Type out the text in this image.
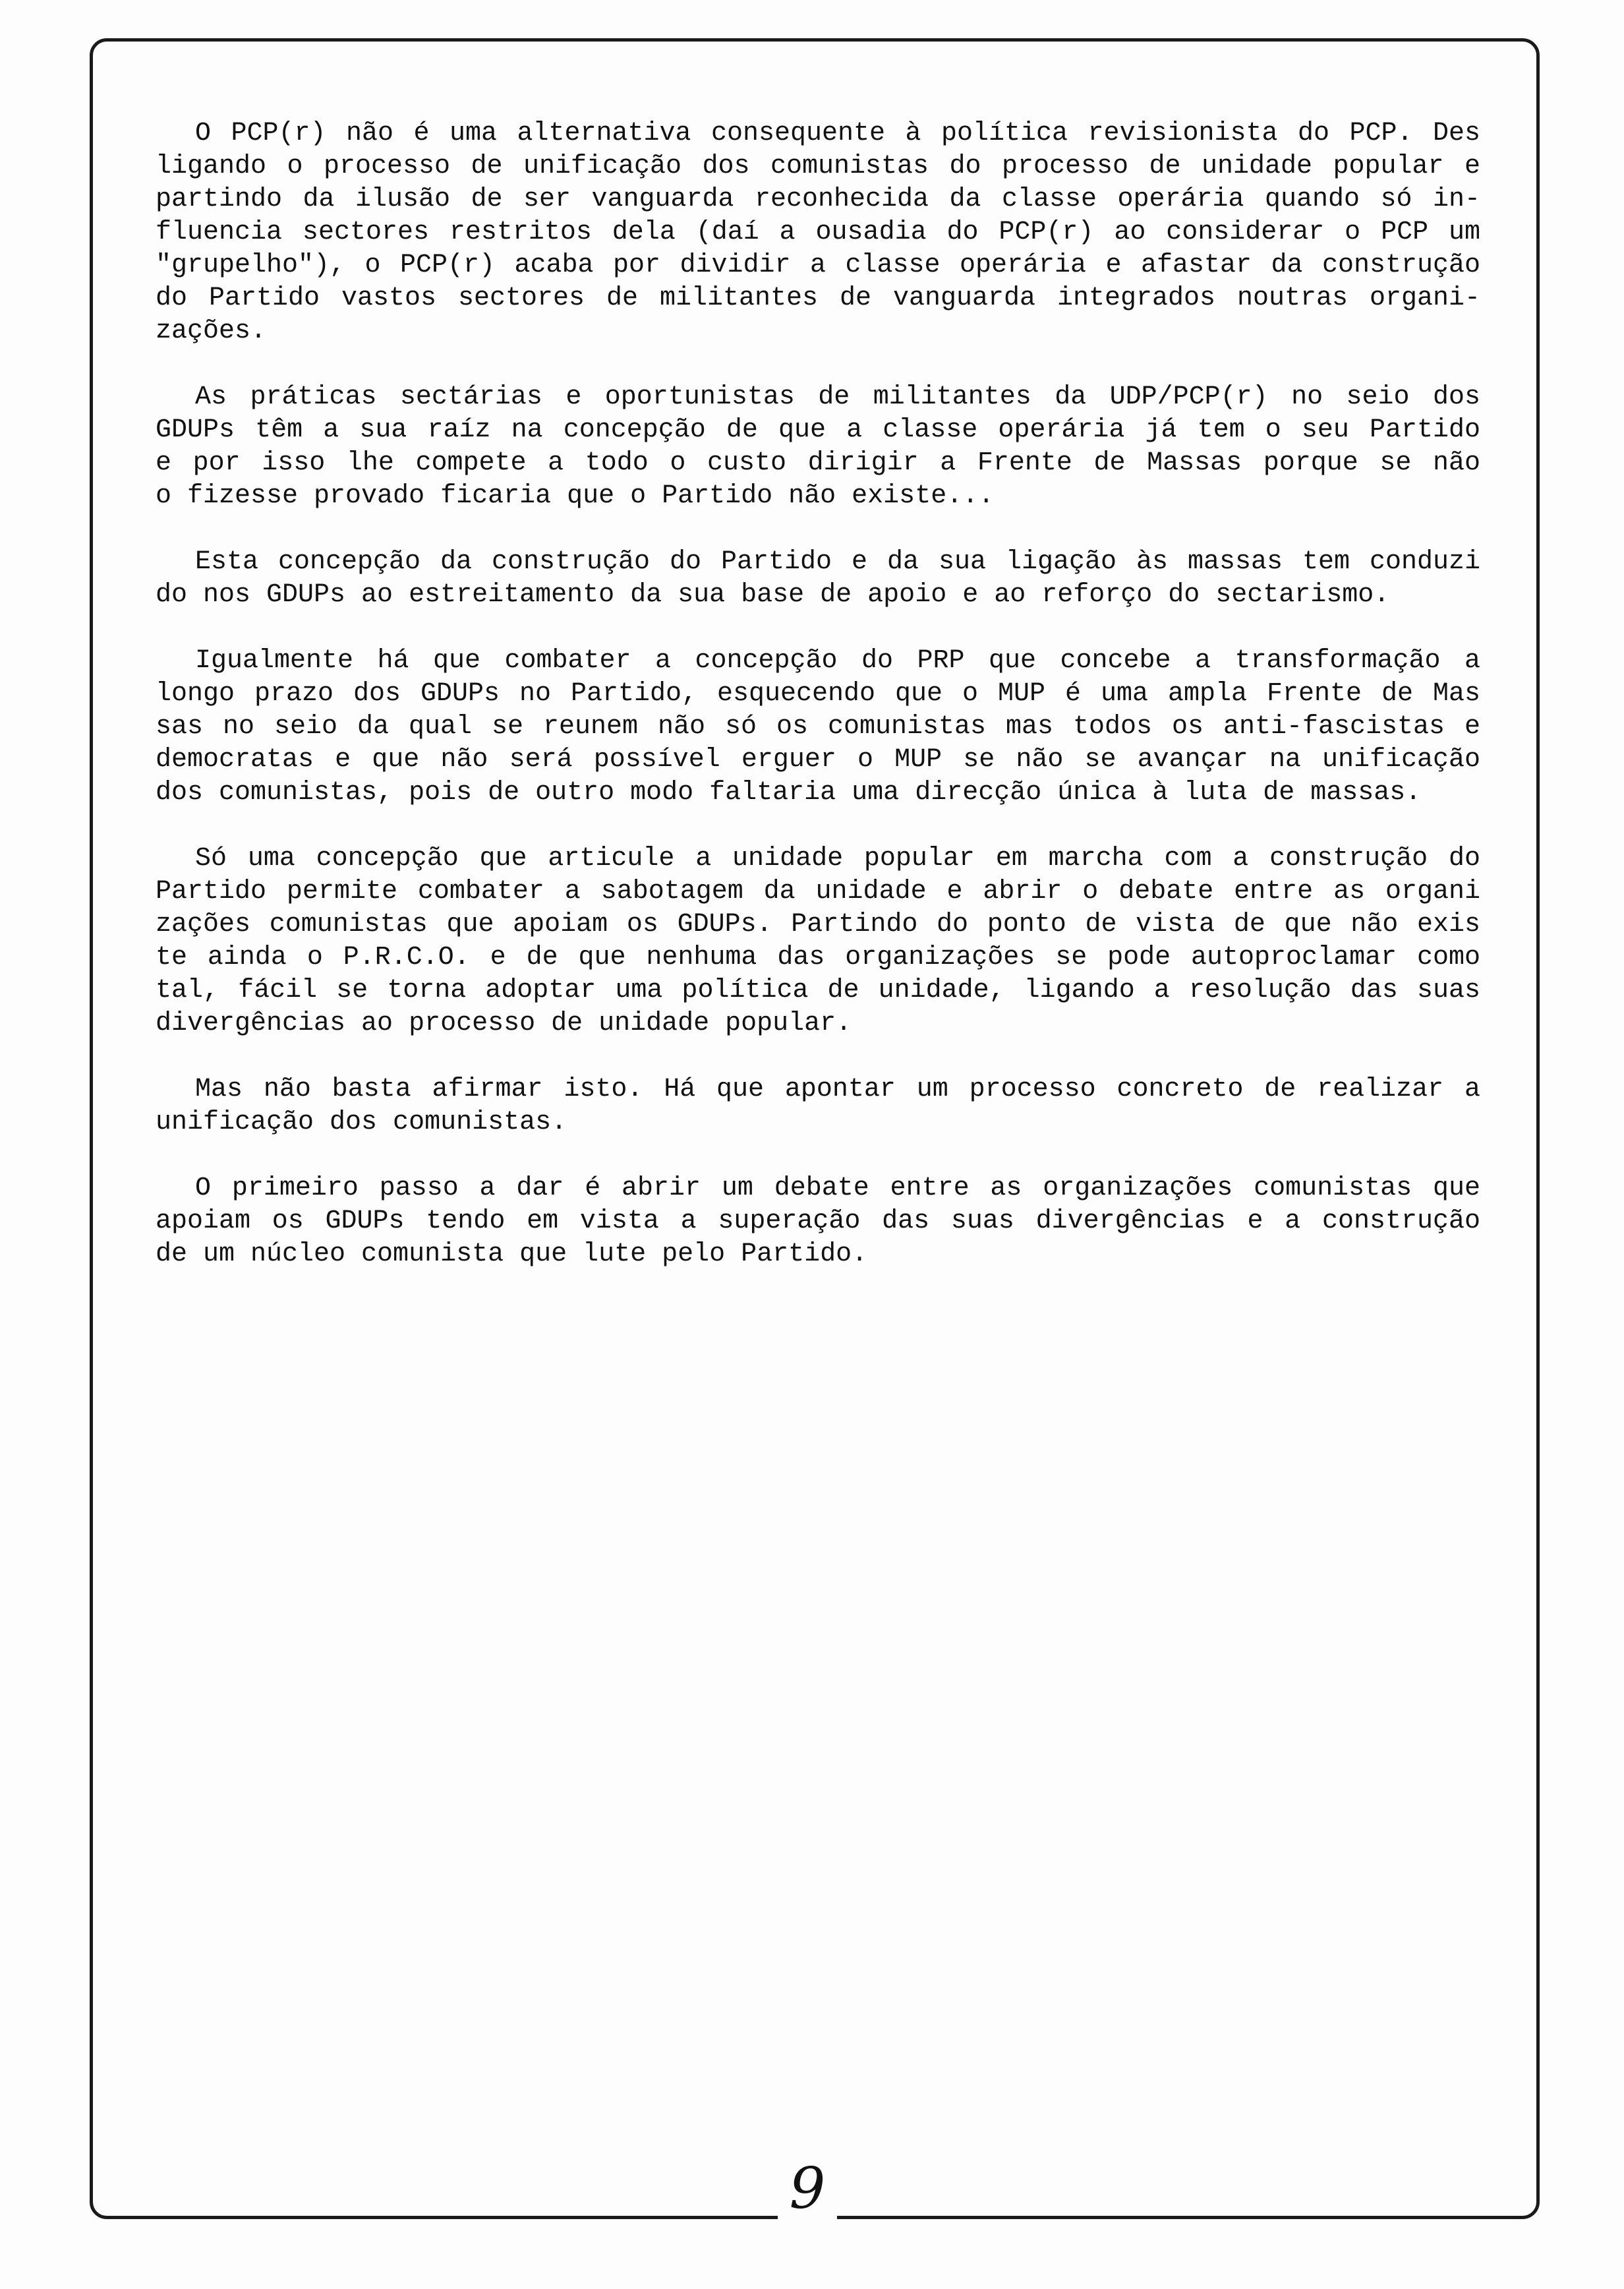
O PCP(r) não é uma alternativa consequente à política revisionista do PCP. Des
ligando o processo de unificação dos comunistas do processo de unidade popular e
partindo da ilusão de ser vanguarda reconhecida da classe operária quando só in-
fluencia sectores restritos dela (daí a ousadia do PCP(r) ao considerar o PCP um
"grupelho"), o PCP(r) acaba por dividir a classe operária e afastar da construção
do Partido vastos sectores de militantes de vanguarda integrados noutras organi-
zações.
As práticas sectárias e oportunistas de militantes da UDP/PCP(r) no seio dos
GDUPs têm a sua raíz na concepção de que a classe operária já tem o seu Partido
e por isso lhe compete a todo o custo dirigir a Frente de Massas porque se não
o fizesse provado ficaria que o Partido não existe...
Esta concepção da construção do Partido e da sua ligação às massas tem conduzi
do nos GDUPs ao estreitamento da sua base de apoio e ao reforço do sectarismo.
Igualmente há que combater a concepção do PRP que concebe a transformação a
longo prazo dos GDUPs no Partido, esquecendo que o MUP é uma ampla Frente de Mas
sas no seio da qual se reunem não só os comunistas mas todos os anti-fascistas e
democratas e que não será possível erguer o MUP se não se avançar na unificação
dos comunistas, pois de outro modo faltaria uma direcção única à luta de massas.
Só uma concepção que articule a unidade popular em marcha com a construção do
Partido permite combater a sabotagem da unidade e abrir o debate entre as organi
zações comunistas que apoiam os GDUPs. Partindo do ponto de vista de que não exis
te ainda o P.R.C.O. e de que nenhuma das organizações se pode autoproclamar como
tal, fácil se torna adoptar uma política de unidade, ligando a resolução das suas
divergências ao processo de unidade popular.
Mas não basta afirmar isto. Há que apontar um processo concreto de realizar a
unificação dos comunistas.
O primeiro passo a dar é abrir um debate entre as organizações comunistas que
apoiam os GDUPs tendo em vista a superação das suas divergências e a construção
de um núcleo comunista que lute pelo Partido.
9
